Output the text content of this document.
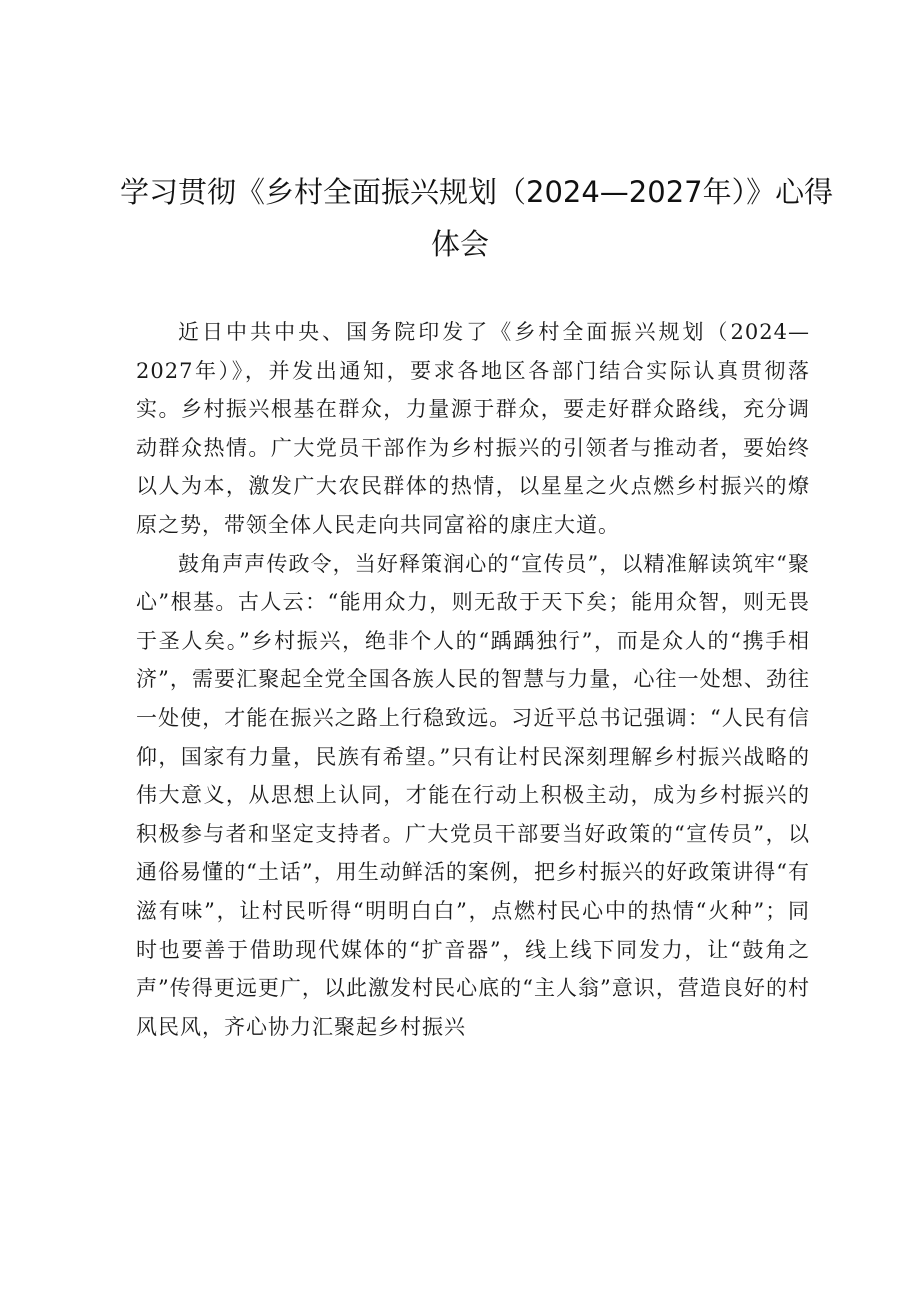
学习贯彻《乡村全面振兴规划（2024—2027年）》心得
体会

近日中共中央、国务院印发了《乡村全面振兴规划（2024—2027年）》，并发出通知，要求各地区各部门结合实际认真贯彻落实。乡村振兴根基在群众，力量源于群众，要走好群众路线，充分调动群众热情。广大党员干部作为乡村振兴的引领者与推动者，要始终以人为本，激发广大农民群体的热情，以星星之火点燃乡村振兴的燎原之势，带领全体人民走向共同富裕的康庄大道。

鼓角声声传政令，当好释策润心的“宣传员”，以精准解读筑牢“聚心”根基。古人云：“能用众力，则无敌于天下矣；能用众智，则无畏于圣人矣。”乡村振兴，绝非个人的“踽踽独行”，而是众人的“携手相济”，需要汇聚起全党全国各族人民的智慧与力量，心往一处想、劲往一处使，才能在振兴之路上行稳致远。习近平总书记强调：“人民有信仰，国家有力量，民族有希望。”只有让村民深刻理解乡村振兴战略的伟大意义，从思想上认同，才能在行动上积极主动，成为乡村振兴的积极参与者和坚定支持者。广大党员干部要当好政策的“宣传员”，以通俗易懂的“土话”，用生动鲜活的案例，把乡村振兴的好政策讲得“有滋有味”，让村民听得“明明白白”，点燃村民心中的热情“火种”；同时也要善于借助现代媒体的“扩音器”，线上线下同发力，让“鼓角之声”传得更远更广，以此激发村民心底的“主人翁”意识，营造良好的村风民风，齐心协力汇聚起乡村振兴
